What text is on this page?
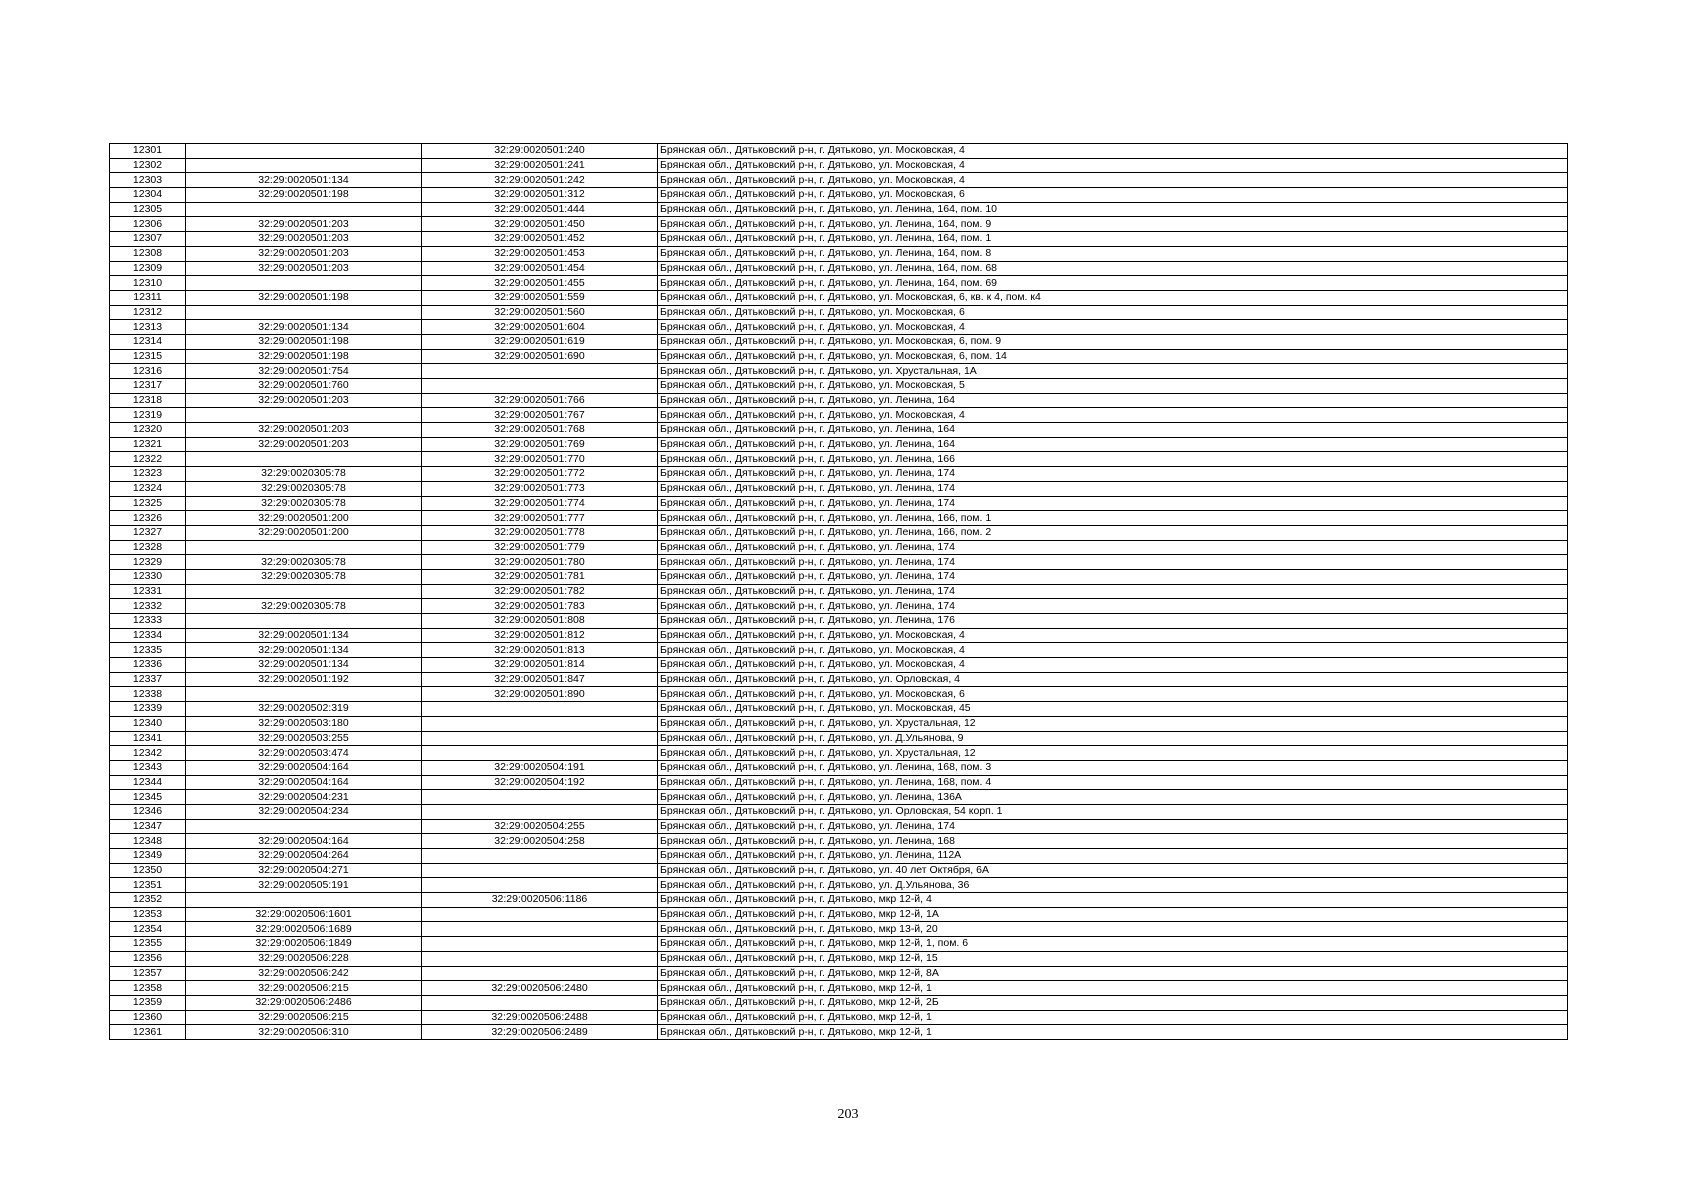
12301		32:29:0020501:240	Брянская обл., Дятьковский р-н, г. Дятьково, ул. Московская, 4
12302		32:29:0020501:241	Брянская обл., Дятьковский р-н, г. Дятьково, ул. Московская, 4
12303	32:29:0020501:134	32:29:0020501:242	Брянская обл., Дятьковский р-н, г. Дятьково, ул. Московская, 4
12304	32:29:0020501:198	32:29:0020501:312	Брянская обл., Дятьковский р-н, г. Дятьково, ул. Московская, 6
12305		32:29:0020501:444	Брянская обл., Дятьковский р-н, г. Дятьково, ул. Ленина, 164, пом. 10
12306	32:29:0020501:203	32:29:0020501:450	Брянская обл., Дятьковский р-н, г. Дятьково, ул. Ленина, 164, пом. 9
12307	32:29:0020501:203	32:29:0020501:452	Брянская обл., Дятьковский р-н, г. Дятьково, ул. Ленина, 164, пом. 1
12308	32:29:0020501:203	32:29:0020501:453	Брянская обл., Дятьковский р-н, г. Дятьково, ул. Ленина, 164, пом. 8
12309	32:29:0020501:203	32:29:0020501:454	Брянская обл., Дятьковский р-н, г. Дятьково, ул. Ленина, 164, пом. 68
12310		32:29:0020501:455	Брянская обл., Дятьковский р-н, г. Дятьково, ул. Ленина, 164, пом. 69
12311	32:29:0020501:198	32:29:0020501:559	Брянская обл., Дятьковский р-н, г. Дятьково, ул. Московская, 6, кв. к 4, пом. к4
12312		32:29:0020501:560	Брянская обл., Дятьковский р-н, г. Дятьково, ул. Московская, 6
12313	32:29:0020501:134	32:29:0020501:604	Брянская обл., Дятьковский р-н, г. Дятьково, ул. Московская, 4
12314	32:29:0020501:198	32:29:0020501:619	Брянская обл., Дятьковский р-н, г. Дятьково, ул. Московская, 6, пом. 9
12315	32:29:0020501:198	32:29:0020501:690	Брянская обл., Дятьковский р-н, г. Дятьково, ул. Московская, 6, пом. 14
12316	32:29:0020501:754		Брянская обл., Дятьковский р-н, г. Дятьково, ул. Хрустальная, 1А
12317	32:29:0020501:760		Брянская обл., Дятьковский р-н, г. Дятьково, ул. Московская, 5
12318	32:29:0020501:203	32:29:0020501:766	Брянская обл., Дятьковский р-н, г. Дятьково, ул. Ленина, 164
12319		32:29:0020501:767	Брянская обл., Дятьковский р-н, г. Дятьково, ул. Московская, 4
12320	32:29:0020501:203	32:29:0020501:768	Брянская обл., Дятьковский р-н, г. Дятьково, ул. Ленина, 164
12321	32:29:0020501:203	32:29:0020501:769	Брянская обл., Дятьковский р-н, г. Дятьково, ул. Ленина, 164
12322		32:29:0020501:770	Брянская обл., Дятьковский р-н, г. Дятьково, ул. Ленина, 166
12323	32:29:0020305:78	32:29:0020501:772	Брянская обл., Дятьковский р-н, г. Дятьково, ул. Ленина, 174
12324	32:29:0020305:78	32:29:0020501:773	Брянская обл., Дятьковский р-н, г. Дятьково, ул. Ленина, 174
12325	32:29:0020305:78	32:29:0020501:774	Брянская обл., Дятьковский р-н, г. Дятьково, ул. Ленина, 174
12326	32:29:0020501:200	32:29:0020501:777	Брянская обл., Дятьковский р-н, г. Дятьково, ул. Ленина, 166, пом. 1
12327	32:29:0020501:200	32:29:0020501:778	Брянская обл., Дятьковский р-н, г. Дятьково, ул. Ленина, 166, пом. 2
12328		32:29:0020501:779	Брянская обл., Дятьковский р-н, г. Дятьково, ул. Ленина, 174
12329	32:29:0020305:78	32:29:0020501:780	Брянская обл., Дятьковский р-н, г. Дятьково, ул. Ленина, 174
12330	32:29:0020305:78	32:29:0020501:781	Брянская обл., Дятьковский р-н, г. Дятьково, ул. Ленина, 174
12331		32:29:0020501:782	Брянская обл., Дятьковский р-н, г. Дятьково, ул. Ленина, 174
12332	32:29:0020305:78	32:29:0020501:783	Брянская обл., Дятьковский р-н, г. Дятьково, ул. Ленина, 174
12333		32:29:0020501:808	Брянская обл., Дятьковский р-н, г. Дятьково, ул. Ленина, 176
12334	32:29:0020501:134	32:29:0020501:812	Брянская обл., Дятьковский р-н, г. Дятьково, ул. Московская, 4
12335	32:29:0020501:134	32:29:0020501:813	Брянская обл., Дятьковский р-н, г. Дятьково, ул. Московская, 4
12336	32:29:0020501:134	32:29:0020501:814	Брянская обл., Дятьковский р-н, г. Дятьково, ул. Московская, 4
12337	32:29:0020501:192	32:29:0020501:847	Брянская обл., Дятьковский р-н, г. Дятьково, ул. Орловская, 4
12338		32:29:0020501:890	Брянская обл., Дятьковский р-н, г. Дятьково, ул. Московская, 6
12339	32:29:0020502:319		Брянская обл., Дятьковский р-н, г. Дятьково, ул. Московская, 45
12340	32:29:0020503:180		Брянская обл., Дятьковский р-н, г. Дятьково, ул. Хрустальная, 12
12341	32:29:0020503:255		Брянская обл., Дятьковский р-н, г. Дятьково, ул. Д.Ульянова, 9
12342	32:29:0020503:474		Брянская обл., Дятьковский р-н, г. Дятьково, ул. Хрустальная, 12
12343	32:29:0020504:164	32:29:0020504:191	Брянская обл., Дятьковский р-н, г. Дятьково, ул. Ленина, 168, пом. 3
12344	32:29:0020504:164	32:29:0020504:192	Брянская обл., Дятьковский р-н, г. Дятьково, ул. Ленина, 168, пом. 4
12345	32:29:0020504:231		Брянская обл., Дятьковский р-н, г. Дятьково, ул. Ленина, 136А
12346	32:29:0020504:234		Брянская обл., Дятьковский р-н, г. Дятьково, ул. Орловская, 54 корп. 1
12347		32:29:0020504:255	Брянская обл., Дятьковский р-н, г. Дятьково, ул. Ленина, 174
12348	32:29:0020504:164	32:29:0020504:258	Брянская обл., Дятьковский р-н, г. Дятьково, ул. Ленина, 168
12349	32:29:0020504:264		Брянская обл., Дятьковский р-н, г. Дятьково, ул. Ленина, 112А
12350	32:29:0020504:271		Брянская обл., Дятьковский р-н, г. Дятьково, ул. 40 лет Октября, 6А
12351	32:29:0020505:191		Брянская обл., Дятьковский р-н, г. Дятьково, ул. Д.Ульянова, 36
12352		32:29:0020506:1186	Брянская обл., Дятьковский р-н, г. Дятьково, мкр 12-й, 4
12353	32:29:0020506:1601		Брянская обл., Дятьковский р-н, г. Дятьково, мкр 12-й, 1А
12354	32:29:0020506:1689		Брянская обл., Дятьковский р-н, г. Дятьково, мкр 13-й, 20
12355	32:29:0020506:1849		Брянская обл., Дятьковский р-н, г. Дятьково, мкр 12-й, 1, пом. 6
12356	32:29:0020506:228		Брянская обл., Дятьковский р-н, г. Дятьково, мкр 12-й, 15
12357	32:29:0020506:242		Брянская обл., Дятьковский р-н, г. Дятьково, мкр 12-й, 8А
12358	32:29:0020506:215	32:29:0020506:2480	Брянская обл., Дятьковский р-н, г. Дятьково, мкр 12-й, 1
12359	32:29:0020506:2486		Брянская обл., Дятьковский р-н, г. Дятьково, мкр 12-й, 2Б
12360	32:29:0020506:215	32:29:0020506:2488	Брянская обл., Дятьковский р-н, г. Дятьково, мкр 12-й, 1
12361	32:29:0020506:310	32:29:0020506:2489	Брянская обл., Дятьковский р-н, г. Дятьково, мкр 12-й, 1
203
